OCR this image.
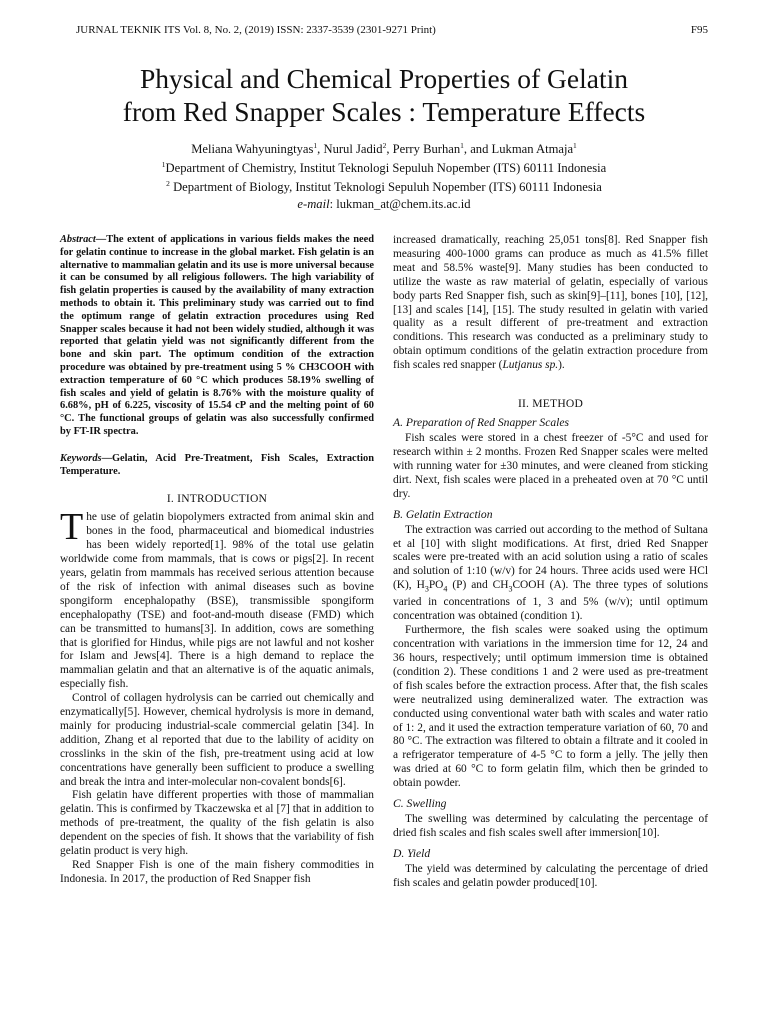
JURNAL TEKNIK ITS Vol. 8, No. 2, (2019) ISSN: 2337-3539 (2301-9271 Print)	F95
Physical and Chemical Properties of Gelatin
from Red Snapper Scales : Temperature Effects
Meliana Wahyuningtyas$^1$, Nurul Jadid$^2$, Perry Burhan$^1$, and Lukman Atmaja$^1$
$^1$Department of Chemistry, Institut Teknologi Sepuluh Nopember (ITS) 60111 Indonesia
$^2$ Department of Biology, Institut Teknologi Sepuluh Nopember (ITS) 60111 Indonesia
e-mail: lukman_at@chem.its.ac.id

Abstract—The extent of applications in various fields makes the need for gelatin continue to increase in the global market. Fish gelatin is an alternative to mammalian gelatin and its use is more universal because it can be consumed by all religious followers. The high variability of fish gelatin properties is caused by the availability of many extraction methods to obtain it. This preliminary study was carried out to find the optimum range of gelatin extraction procedures using Red Snapper scales because it had not been widely studied, although it was reported that gelatin yield was not significantly different from the bone and skin part. The optimum condition of the extraction procedure was obtained by pre-treatment using 5 % CH3COOH with extraction temperature of 60 °C which produces 58.19% swelling of fish scales and yield of gelatin is 8.76% with the moisture quality of 6.68%, pH of 6.225, viscosity of 15.54 cP and the melting point of 60 °C. The functional groups of gelatin was also successfully confirmed by FT-IR spectra.

Keywords—Gelatin, Acid Pre-Treatment, Fish Scales, Extraction Temperature.

I. INTRODUCTION

The use of gelatin biopolymers extracted from animal skin and bones in the food, pharmaceutical and biomedical industries has been widely reported[1]. 98% of the total use gelatin worldwide come from mammals, that is cows or pigs[2]. In recent years, gelatin from mammals has received serious attention because of the risk of infection with animal diseases such as bovine spongiform encephalopathy (BSE), transmissible spongiform encephalopathy (TSE) and foot-and-mouth disease (FMD) which can be transmitted to humans[3]. In addition, cows are something that is glorified for Hindus, while pigs are not lawful and not kosher for Islam and Jews[4]. There is a high demand to replace the mammalian gelatin and that an alternative is of the aquatic animals, especially fish.

Control of collagen hydrolysis can be carried out chemically and enzymatically[5]. However, chemical hydrolysis is more in demand, mainly for producing industrial-scale commercial gelatin [34]. In addition, Zhang et al reported that due to the lability of acidity on crosslinks in the skin of the fish, pre-treatment using acid at low concentrations have generally been sufficient to produce a swelling and break the intra and inter-molecular non-covalent bonds[6].

Fish gelatin have different properties with those of mammalian gelatin. This is confirmed by Tkaczewska et al [7] that in addition to methods of pre-treatment, the quality of the fish gelatin is also dependent on the species of fish. It shows that the variability of fish gelatin product is very high.

Red Snapper Fish is one of the main fishery commodities in Indonesia. In 2017, the production of Red Snapper fish

increased dramatically, reaching 25,051 tons[8]. Red Snapper fish measuring 400-1000 grams can produce as much as 41.5% fillet meat and 58.5% waste[9]. Many studies has been conducted to utilize the waste as raw material of gelatin, especially of various body parts Red Snapper fish, such as skin[9]–[11], bones [10], [12], [13] and scales [14], [15]. The study resulted in gelatin with varied quality as a result different of pre-treatment and extraction conditions. This research was conducted as a preliminary study to obtain optimum conditions of the gelatin extraction procedure from fish scales red snapper (Lutjanus sp.).

II. METHOD
A. Preparation of Red Snapper Scales

Fish scales were stored in a chest freezer of -5°C and used for research within ± 2 months. Frozen Red Snapper scales were melted with running water for ±30 minutes, and were cleaned from sticking dirt. Next, fish scales were placed in a preheated oven at 70 °C until dry.

B. Gelatin Extraction

The extraction was carried out according to the method of Sultana et al [10] with slight modifications. At first, dried Red Snapper scales were pre-treated with an acid solution using a ratio of scales and solution of 1:10 (w/v) for 24 hours. Three acids used were HCl (K), $H_3PO_4$ (P) and $CH_3COOH$ (A). The three types of solutions varied in concentrations of 1, 3 and 5% (w/v); until optimum concentration was obtained (condition 1).

Furthermore, the fish scales were soaked using the optimum concentration with variations in the immersion time for 12, 24 and 36 hours, respectively; until optimum immersion time is obtained (condition 2). These conditions 1 and 2 were used as pre-treatment of fish scales before the extraction process. After that, the fish scales were neutralized using demineralized water. The extraction was conducted using conventional water bath with scales and water ratio of 1: 2, and it used the extraction temperature variation of 60, 70 and 80 °C. The extraction was filtered to obtain a filtrate and it cooled in a refrigerator temperature of 4-5 °C to form a jelly. The jelly then was dried at 60 °C to form gelatin film, which then be grinded to obtain powder.

C. Swelling

The swelling was determined by calculating the percentage of dried fish scales and fish scales swell after immersion[10].

D. Yield

The yield was determined by calculating the percentage of dried fish scales and gelatin powder produced[10].
